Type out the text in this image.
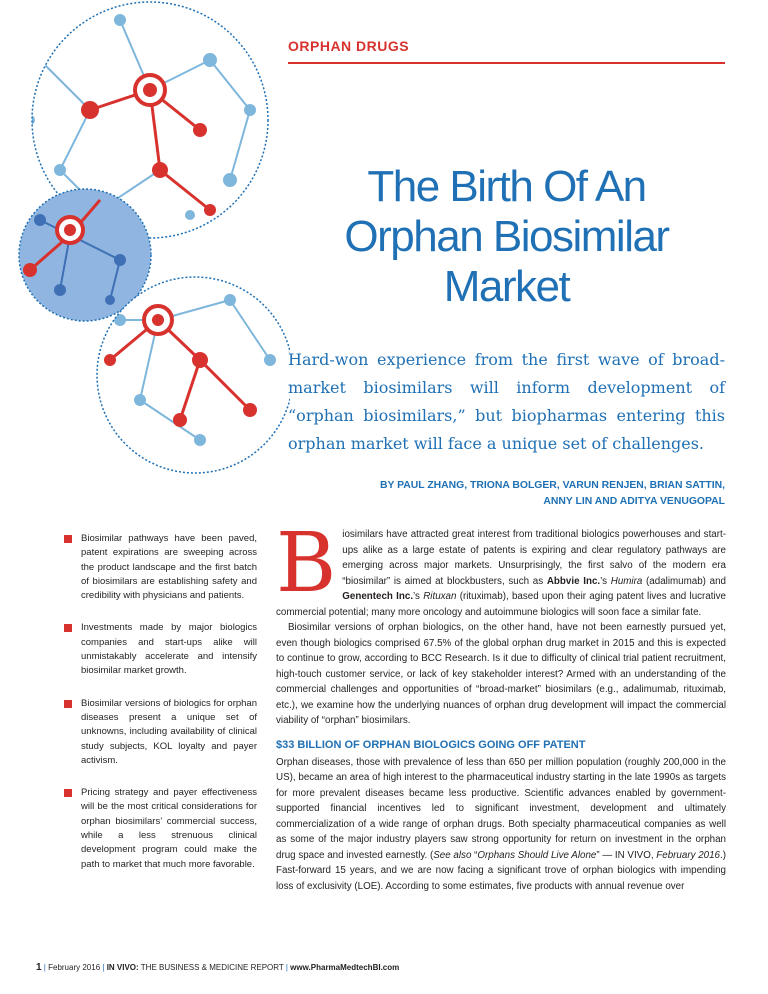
ORPHAN DRUGS
The Birth Of An
Orphan Biosimilar
Market
Hard-won experience from the first wave of broad-market biosimilars will inform development of “orphan biosimilars,” but biopharmas entering this orphan market will face a unique set of challenges.
BY PAUL ZHANG, TRIONA BOLGER, VARUN RENJEN, BRIAN SATTIN,
ANNY LIN AND ADITYA VENUGOPAL
Biosimilar pathways have been paved, patent expirations are sweeping across the product landscape and the first batch of biosimilars are establishing safety and credibility with physicians and patients.
Investments made by major biologics companies and start-ups alike will unmistakably accelerate and intensify biosimilar market growth.
Biosimilar versions of biologics for orphan diseases present a unique set of unknowns, including availability of clinical study subjects, KOL loyalty and payer activism.
Pricing strategy and payer effectiveness will be the most critical considerations for orphan biosimilars’ commercial success, while a less strenuous clinical development program could make the path to market that much more favorable.

Biosimilars have attracted great interest from traditional biologics powerhouses and start-ups alike as a large estate of patents is expiring and clear regulatory pathways are emerging across major markets. Unsurprisingly, the first salvo of the modern era “biosimilar” is aimed at blockbusters, such as Abbvie Inc.’s Humira (adalimumab) and Genentech Inc.’s Rituxan (rituximab), based upon their aging patent lives and lucrative commercial potential; many more oncology and autoimmune biologics will soon face a similar fate.

Biosimilar versions of orphan biologics, on the other hand, have not been earnestly pursued yet, even though biologics comprised 67.5% of the global orphan drug market in 2015 and this is expected to continue to grow, according to BCC Research. Is it due to difficulty of clinical trial patient recruitment, high-touch customer service, or lack of key stakeholder interest? Armed with an understanding of the commercial challenges and opportunities of “broad-market” biosimilars (e.g., adalimumab, rituximab, etc.), we examine how the underlying nuances of orphan drug development will impact the commercial viability of “orphan” biosimilars.

$33 BILLION OF ORPHAN BIOLOGICS GOING OFF PATENT

Orphan diseases, those with prevalence of less than 650 per million population (roughly 200,000 in the US), became an area of high interest to the pharmaceutical industry starting in the late 1990s as targets for more prevalent diseases became less productive. Scientific advances enabled by government-supported financial incentives led to significant investment, development and ultimately commercialization of a wide range of orphan drugs. Both specialty pharmaceutical companies as well as some of the major industry players saw strong opportunity for return on investment in the orphan drug space and invested earnestly. (See also “Orphans Should Live Alone” — IN VIVO, February 2016.) Fast-forward 15 years, and we are now facing a significant trove of orphan biologics with impending loss of exclusivity (LOE). According to some estimates, five products with annual revenue over

1 | February 2016 | IN VIVO: THE BUSINESS & MEDICINE REPORT | www.PharmaMedtechBI.com
